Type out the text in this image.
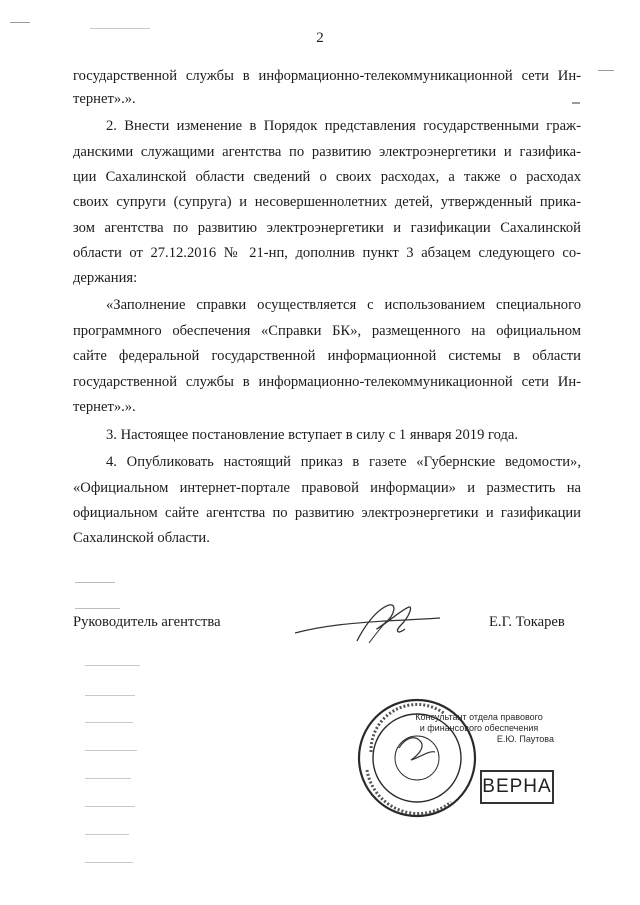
2
государственной службы в информационно-телекоммуникационной сети Ин-
тернет».».
2. Внести изменение в Порядок представления государственными граж-
данскими служащими агентства по развитию электроэнергетики и газифика-
ции Сахалинской области сведений о своих расходах, а также о расходах
своих супруги (супруга) и несовершеннолетних детей, утвержденный прика-
зом агентства по развитию электроэнергетики и газификации Сахалинской
области от 27.12.2016 № 21-нп, дополнив пункт 3 абзацем следующего со-
держания:
«Заполнение справки осуществляется с использованием специального
программного обеспечения «Справки БК», размещенного на официальном
сайте федеральной государственной информационной системы в области
государственной службы в информационно-телекоммуникационной сети Ин-
тернет».».
3. Настоящее постановление вступает в силу с 1 января 2019 года.
4. Опубликовать настоящий приказ в газете «Губернские ведомости»,
«Официальном интернет-портале правовой информации» и разместить на
официальном сайте агентства по развитию электроэнергетики и газификации
Сахалинской области.
Руководитель агентства	Е.Г. Токарев
Консультант отдела правового
и финансового обеспечения
Е.Ю. Паутова
ВЕРНА
